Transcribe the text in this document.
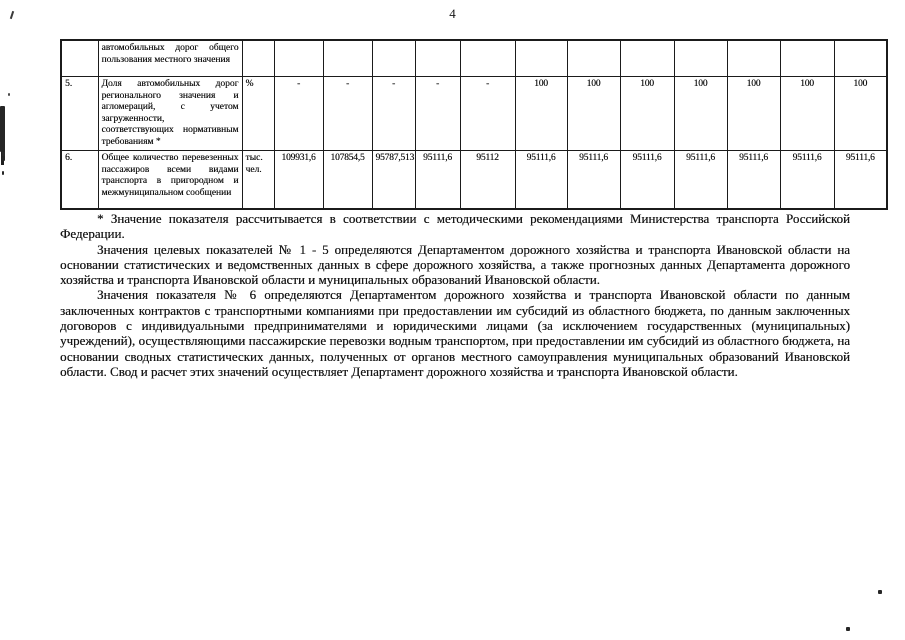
4
	автомобильных дорог общего пользования местного значения													
5.	Доля автомобильных дорог регионального значения и агломераций, с учетом загруженности, соответствующих нормативным требованиям *	%	-	-	-	-	-	100	100	100	100	100	100	100
6.	Общее количество перевезенных пассажиров всеми видами транспорта в пригородном и межмуниципальном сообщении	тыс. чел.	109931,6	107854,5	95787,513	95111,6	95112	95111,6	95111,6	95111,6	95111,6	95111,6	95111,6	95111,6

* Значение показателя рассчитывается в соответствии с методическими рекомендациями Министерства транспорта Российской Федерации.

Значения целевых показателей № 1 - 5 определяются Департаментом дорожного хозяйства и транспорта Ивановской области на основании статистических и ведомственных данных в сфере дорожного хозяйства, а также прогнозных данных Департамента дорожного хозяйства и транспорта Ивановской области и муниципальных образований Ивановской области.

Значения показателя № 6 определяются Департаментом дорожного хозяйства и транспорта Ивановской области по данным заключенных контрактов с транспортными компаниями при предоставлении им субсидий из областного бюджета, по данным заключенных договоров с индивидуальными предпринимателями и юридическими лицами (за исключением государственных (муниципальных) учреждений), осуществляющими пассажирские перевозки водным транспортом, при предоставлении им субсидий из областного бюджета, на основании сводных статистических данных, полученных от органов местного самоуправления муниципальных образований Ивановской области. Свод и расчет этих значений осуществляет Департамент дорожного хозяйства и транспорта Ивановской области.
